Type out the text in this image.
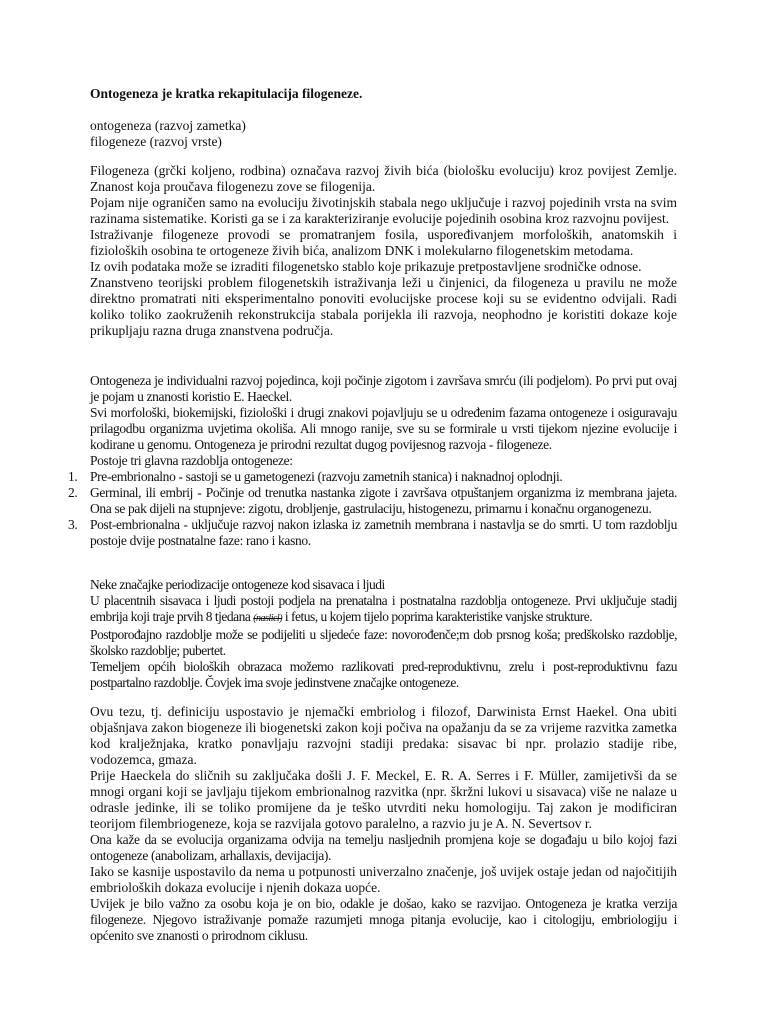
Ontogeneza je kratka rekapitulacija filogeneze.
ontogeneza (razvoj zametka)
filogeneze (razvoj vrste)

Filogeneza (grčki koljeno, rodbina) označava razvoj živih bića (biološku evoluciju) kroz povijest Zemlje. Znanost koja proučava filogenezu zove se filogenija.

Pojam nije ograničen samo na evoluciju životinjskih stabala nego uključuje i razvoj pojedinih vrsta na svim razinama sistematike. Koristi ga se i za karakteriziranje evolucije pojedinih osobina kroz razvojnu povijest.

Istraživanje filogeneze provodi se promatranjem fosila, uspoređivanjem morfoloških, anatomskih i fizioloških osobina te ortogeneze živih bića, analizom DNK i molekularno filogenetskim metodama.

Iz ovih podataka može se izraditi filogenetsko stablo koje prikazuje pretpostavljene srodničke odnose.

Znanstveno teorijski problem filogenetskih istraživanja leži u činjenici, da filogeneza u pravilu ne može direktno promatrati niti eksperimentalno ponoviti evolucijske procese koji su se evidentno odvijali. Radi koliko toliko zaokruženih rekonstrukcija stabala porijekla ili razvoja, neophodno je koristiti dokaze koje prikupljaju razna druga znanstvena područja.

Ontogeneza je individualni razvoj pojedinca, koji počinje zigotom i završava smrću (ili podjelom). Po prvi put ovaj je pojam u znanosti koristio E. Haeckel.

Svi morfološki, biokemijski, fiziološki i drugi znakovi pojavljuju se u određenim fazama ontogeneze i osiguravaju prilagodbu organizma uvjetima okoliša. Ali mnogo ranije, sve su se formirale u vrsti tijekom njezine evolucije i kodirane u genomu. Ontogeneza je prirodni rezultat dugog povijesnog razvoja - filogeneze.

Postoje tri glavna razdoblja ontogeneze:

1. Pre-embrionalno - sastoji se u gametogenezi (razvoju zametnih stanica) i naknadnoj oplodnji.
2. Germinal, ili embrij - Počinje od trenutka nastanka zigote i završava otpuštanjem organizma iz membrana jajeta. Ona se pak dijeli na stupnjeve: zigotu, drobljenje, gastrulaciju, histogenezu, primarnu i konačnu organogenezu.
3. Post-embrionalna - uključuje razvoj nakon izlaska iz zametnih membrana i nastavlja se do smrti. U tom razdoblju postoje dvije postnatalne faze: rano i kasno.

Neke značajke periodizacije ontogeneze kod sisavaca i ljudi

U placentnih sisavaca i ljudi postoji podjela na prenatalna i postnatalna razdoblja ontogeneze. Prvi uključuje stadij embrija koji traje prvih 8 tjedana (naslicl) i fetus, u kojem tijelo poprima karakteristike vanjske strukture.

Postporođajno razdoblje može se podijeliti u sljedeće faze: novorođenče;m dob prsnog koša; predškolsko razdoblje, školsko razdoblje; pubertet.

Temeljem općih bioloških obrazaca možemo razlikovati pred-reproduktivnu, zrelu i post-reproduktivnu fazu postpartalno razdoblje. Čovjek ima svoje jedinstvene značajke ontogeneze.

Ovu tezu, tj. definiciju uspostavio je njemački embriolog i filozof, Darwinista Ernst Haekel. Ona ubiti objašnjava zakon biogeneze ili biogenetski zakon koji počiva na opažanju da se za vrijeme razvitka zametka kod kralježnjaka, kratko ponavljaju razvojni stadiji predaka: sisavac bi npr. prolazio stadije ribe, vodozemca, gmaza.

Prije Haeckela do sličnih su zaključaka došli J. F. Meckel, E. R. A. Serres i F. Müller, zamijetivši da se mnogi organi koji se javljaju tijekom embrionalnog razvitka (npr. škržni lukovi u sisavaca) više ne nalaze u odrasle jedinke, ili se toliko promijene da je teško utvrditi neku homologiju. Taj zakon je modificiran teorijom filembriogeneze, koja se razvijala gotovo paralelno, a razvio ju je A. N. Severtsov r.

Ona kaže da se evolucija organizama odvija na temelju nasljednih promjena koje se događaju u bilo kojoj fazi ontogeneze (anabolizam, arhallaxis, devijacija).

Iako se kasnije uspostavilo da nema u potpunosti univerzalno značenje, još uvijek ostaje jedan od najočitijih embrioloških dokaza evolucije i njenih dokaza uopće.

Uvijek je bilo važno za osobu koja je on bio, odakle je došao, kako se razvijao. Ontogeneza je kratka verzija filogeneze. Njegovo istraživanje pomaže razumjeti mnoga pitanja evolucije, kao i citologiju, embriologiju i općenito sve znanosti o prirodnom ciklusu.
